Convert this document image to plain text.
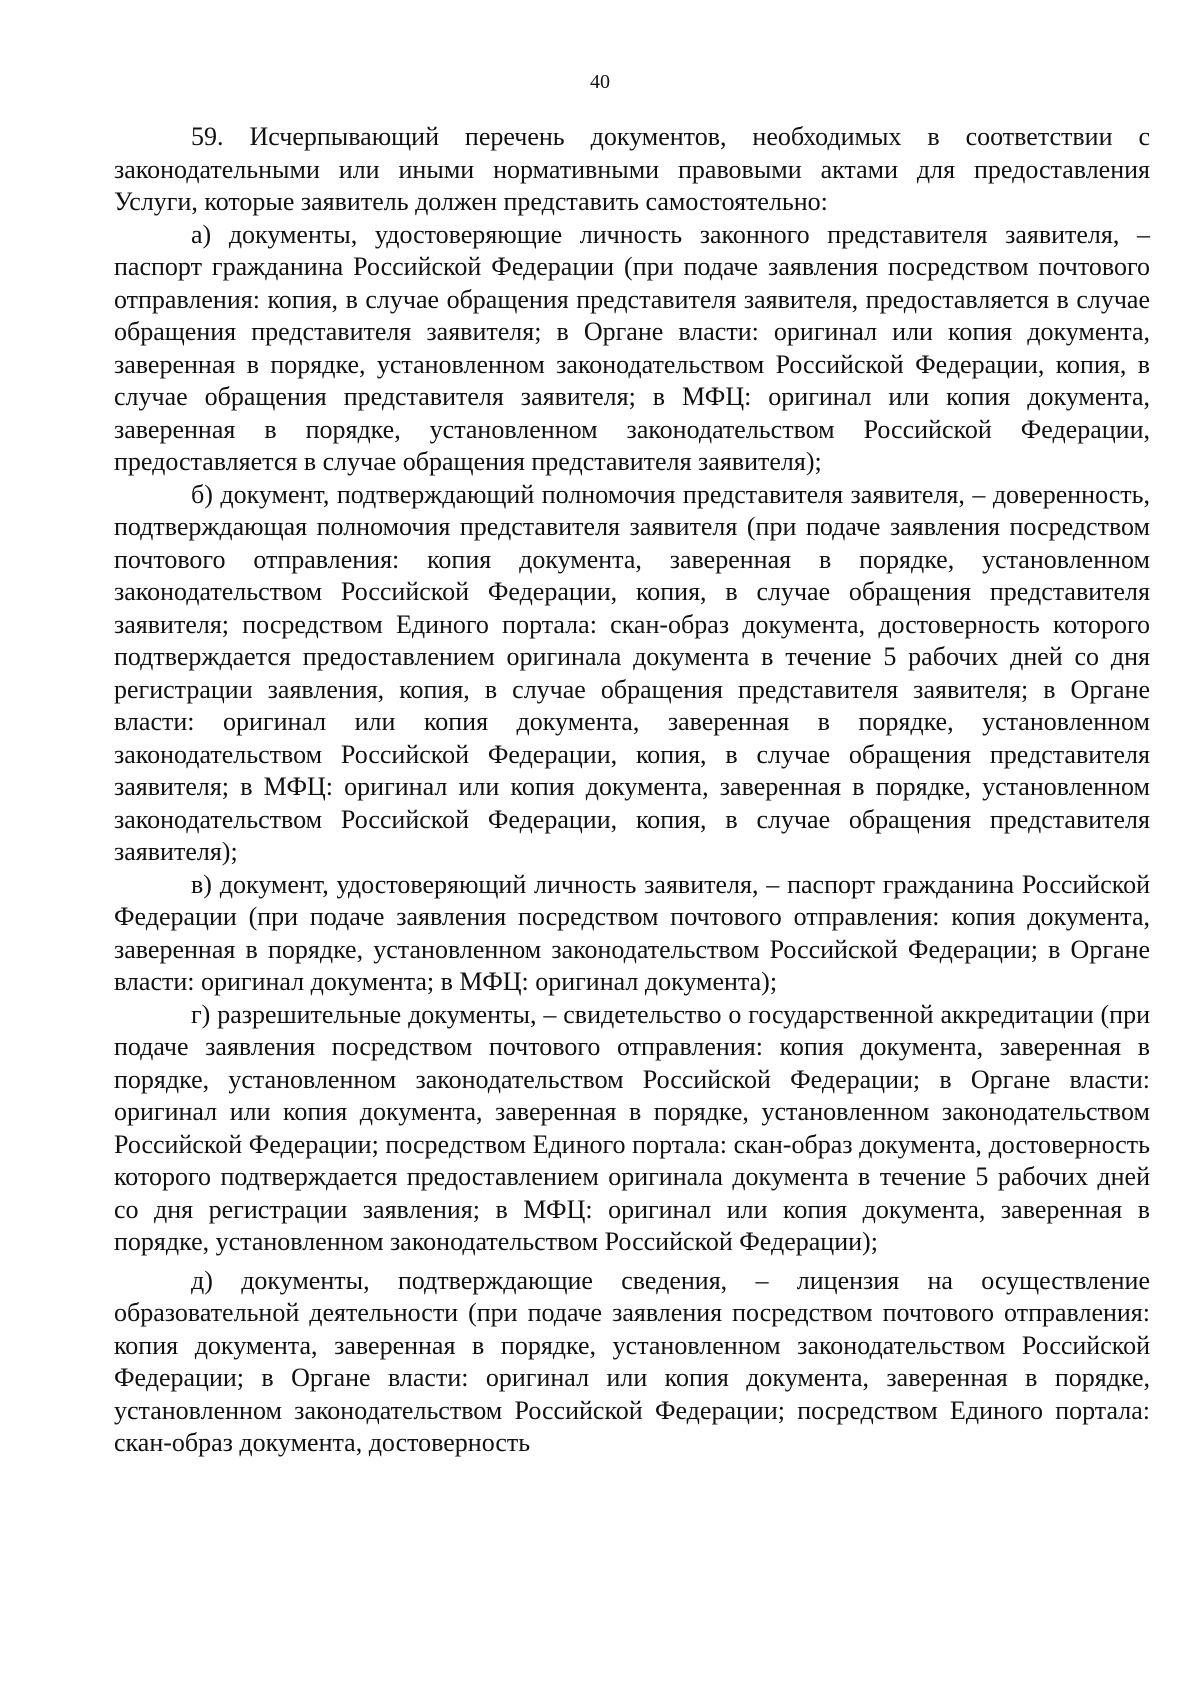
40

59. Исчерпывающий перечень документов, необходимых в соответствии с законодательными или иными нормативными правовыми актами для предоставления Услуги, которые заявитель должен представить самостоятельно:

а) документы, удостоверяющие личность законного представителя заявителя, – паспорт гражданина Российской Федерации (при подаче заявления посредством почтового отправления: копия, в случае обращения представителя заявителя, предоставляется в случае обращения представителя заявителя; в Органе власти: оригинал или копия документа, заверенная в порядке, установленном законодательством Российской Федерации, копия, в случае обращения представителя заявителя; в МФЦ: оригинал или копия документа, заверенная в порядке, установленном законодательством Российской Федерации, предоставляется в случае обращения представителя заявителя);

б) документ, подтверждающий полномочия представителя заявителя, – доверенность, подтверждающая полномочия представителя заявителя (при подаче заявления посредством почтового отправления: копия документа, заверенная в порядке, установленном законодательством Российской Федерации, копия, в случае обращения представителя заявителя; посредством Единого портала: скан-образ документа, достоверность которого подтверждается предоставлением оригинала документа в течение 5 рабочих дней со дня регистрации заявления, копия, в случае обращения представителя заявителя; в Органе власти: оригинал или копия документа, заверенная в порядке, установленном законодательством Российской Федерации, копия, в случае обращения представителя заявителя; в МФЦ: оригинал или копия документа, заверенная в порядке, установленном законодательством Российской Федерации, копия, в случае обращения представителя заявителя);

в) документ, удостоверяющий личность заявителя, – паспорт гражданина Российской Федерации (при подаче заявления посредством почтового отправления: копия документа, заверенная в порядке, установленном законодательством Российской Федерации; в Органе власти: оригинал документа; в МФЦ: оригинал документа);

г) разрешительные документы, – свидетельство о государственной аккредитации (при подаче заявления посредством почтового отправления: копия документа, заверенная в порядке, установленном законодательством Российской Федерации; в Органе власти: оригинал или копия документа, заверенная в порядке, установленном законодательством Российской Федерации; посредством Единого портала: скан-образ документа, достоверность которого подтверждается предоставлением оригинала документа в течение 5 рабочих дней со дня регистрации заявления; в МФЦ: оригинал или копия документа, заверенная в порядке, установленном законодательством Российской Федерации);

д) документы, подтверждающие сведения, – лицензия на осуществление образовательной деятельности (при подаче заявления посредством почтового отправления: копия документа, заверенная в порядке, установленном законодательством Российской Федерации; в Органе власти: оригинал или копия документа, заверенная в порядке, установленном законодательством Российской Федерации; посредством Единого портала: скан-образ документа, достоверность
